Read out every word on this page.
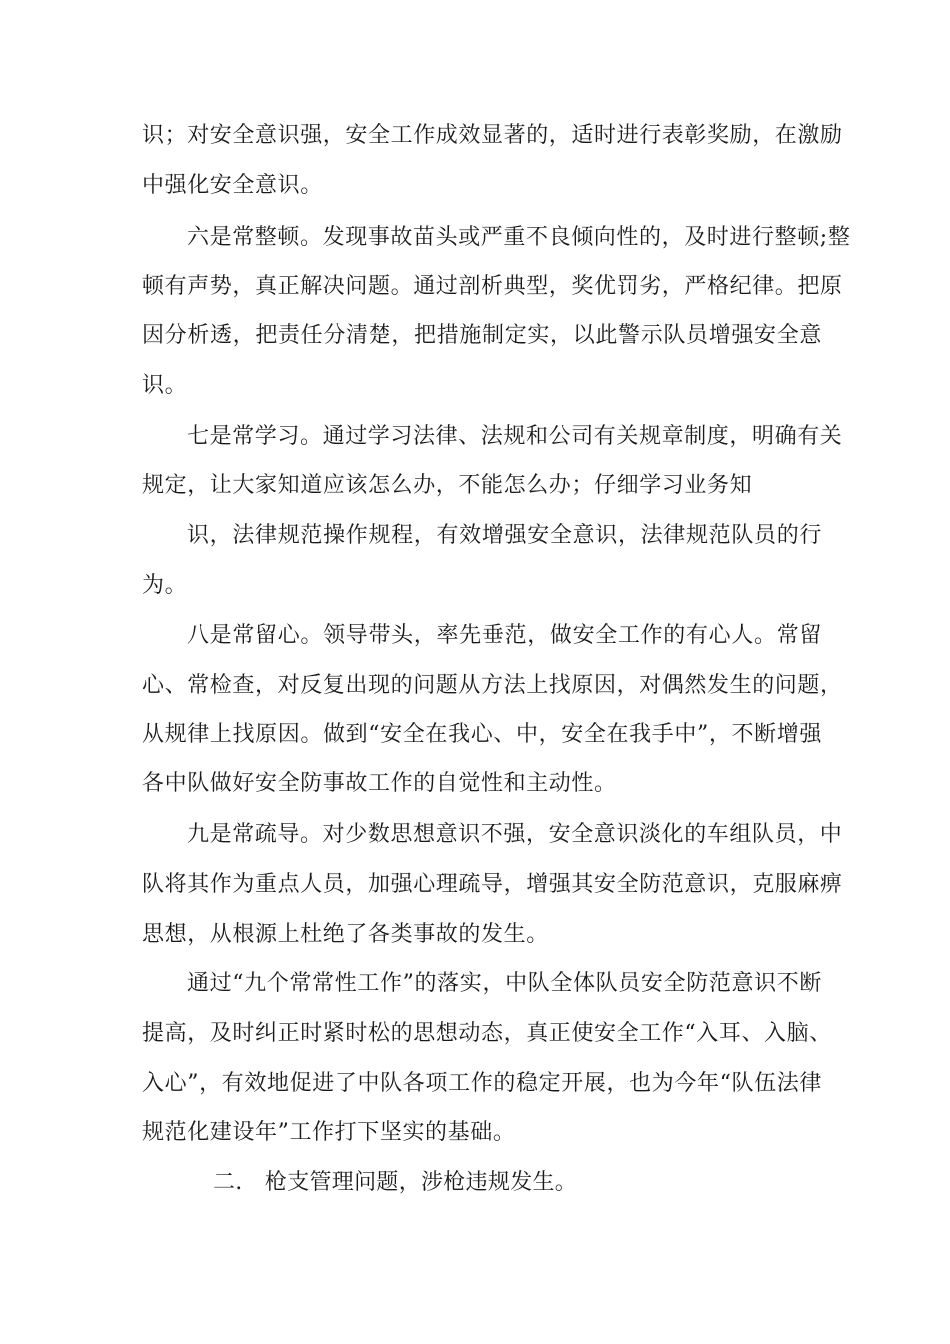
识；对安全意识强，安全工作成效显著的，适时进行表彰奖励，在激励
中强化安全意识。
六是常整顿。发现事故苗头或严重不良倾向性的，及时进行整顿;整
顿有声势，真正解决问题。通过剖析典型，奖优罚劣，严格纪律。把原
因分析透，把责任分清楚，把措施制定实，以此警示队员增强安全意
识。
七是常学习。通过学习法律、法规和公司有关规章制度，明确有关
规定，让大家知道应该怎么办，不能怎么办；仔细学习业务知
识，法律规范操作规程，有效增强安全意识，法律规范队员的行
为。
八是常留心。领导带头，率先垂范，做安全工作的有心人。常留
心、常检查，对反复出现的问题从方法上找原因，对偶然发生的问题，
从规律上找原因。做到“安全在我心、中，安全在我手中”，不断增强
各中队做好安全防事故工作的自觉性和主动性。
九是常疏导。对少数思想意识不强，安全意识淡化的车组队员，中
队将其作为重点人员，加强心理疏导，增强其安全防范意识，克服麻痹
思想，从根源上杜绝了各类事故的发生。
通过“九个常常性工作”的落实，中队全体队员安全防范意识不断
提高，及时纠正时紧时松的思想动态，真正使安全工作“入耳、入脑、
入心”，有效地促进了中队各项工作的稳定开展，也为今年“队伍法律
规范化建设年”工作打下坚实的基础。
二.　枪支管理问题，涉枪违规发生。
